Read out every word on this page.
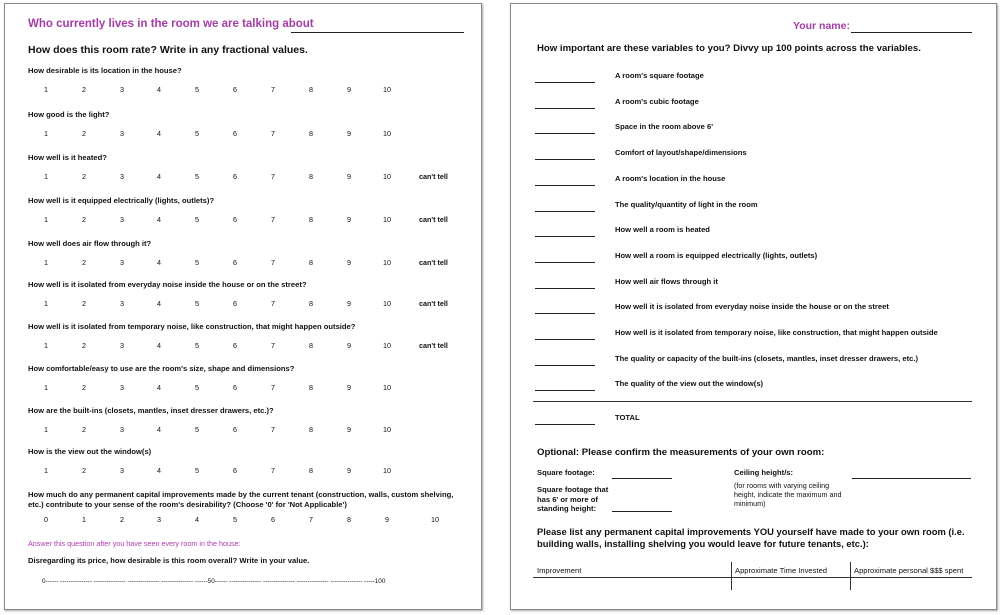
Who currently lives in the room we are talking about
How does this room rate? Write in any fractional values.
How desirable is its location in the house?
1	2	3	4	5	6	7	8	9	10
How good is the light?
1	2	3	4	5	6	7	8	9	10
How well is it heated?
1	2	3	4	5	6	7	8	9	10	can't tell
How well is it equipped electrically (lights, outlets)?
1	2	3	4	5	6	7	8	9	10	can't tell
How well does air flow through it?
1	2	3	4	5	6	7	8	9	10	can't tell
How well is it isolated from everyday noise inside the house or on the street?
1	2	3	4	5	6	7	8	9	10	can't tell
How well is it isolated from temporary noise, like construction, that might happen outside?
1	2	3	4	5	6	7	8	9	10	can't tell
How comfortable/easy to use are the room's size, shape and dimensions?
1	2	3	4	5	6	7	8	9	10
How are the built-ins (closets, mantles, inset dresser drawers, etc.)?
1	2	3	4	5	6	7	8	9	10
How is the view out the window(s)
1	2	3	4	5	6	7	8	9	10
How much do any permanent capital improvements made by the current tenant (construction, walls, custom shelving, etc.) contribute to your sense of the room's desirability? (Choose '0' for 'Not Applicable')
0	1	2	3	4	5	6	7	8	9	10
Answer this question after you have seen every room in the house:
Disregarding its price, how desirable is this room overall? Write in your value.
0------ --------------- --------------- --------------- --------------- ------50------ --------------- --------------- --------------- --------------- -----100
Your name:
How important are these variables to you? Divvy up 100 points across the variables.
A room's square footage
A room's cubic footage
Space in the room above 6'
Comfort of layout/shape/dimensions
A room's location in the house
The quality/quantity of light in the room
How well a room is heated
How well a room is equipped electrically (lights, outlets)
How well air flows through it
How well it is isolated from everyday noise inside the house or on the street
How well is it isolated from temporary noise, like construction, that might happen outside
The quality or capacity of the built-ins (closets, mantles, inset dresser drawers, etc.)
The quality of the view out the window(s)
TOTAL
Optional: Please confirm the measurements of your own room:
Square footage:	Ceiling height/s:
Square footage that has 6' or more of standing height:
(for rooms with varying ceiling height, indicate the maximum and minimum)
Please list any permanent capital improvements YOU yourself have made to your own room (i.e. building walls, installing shelving you would leave for future tenants, etc.):
Improvement	Approximate Time Invested	Approximate personal $$$ spent
